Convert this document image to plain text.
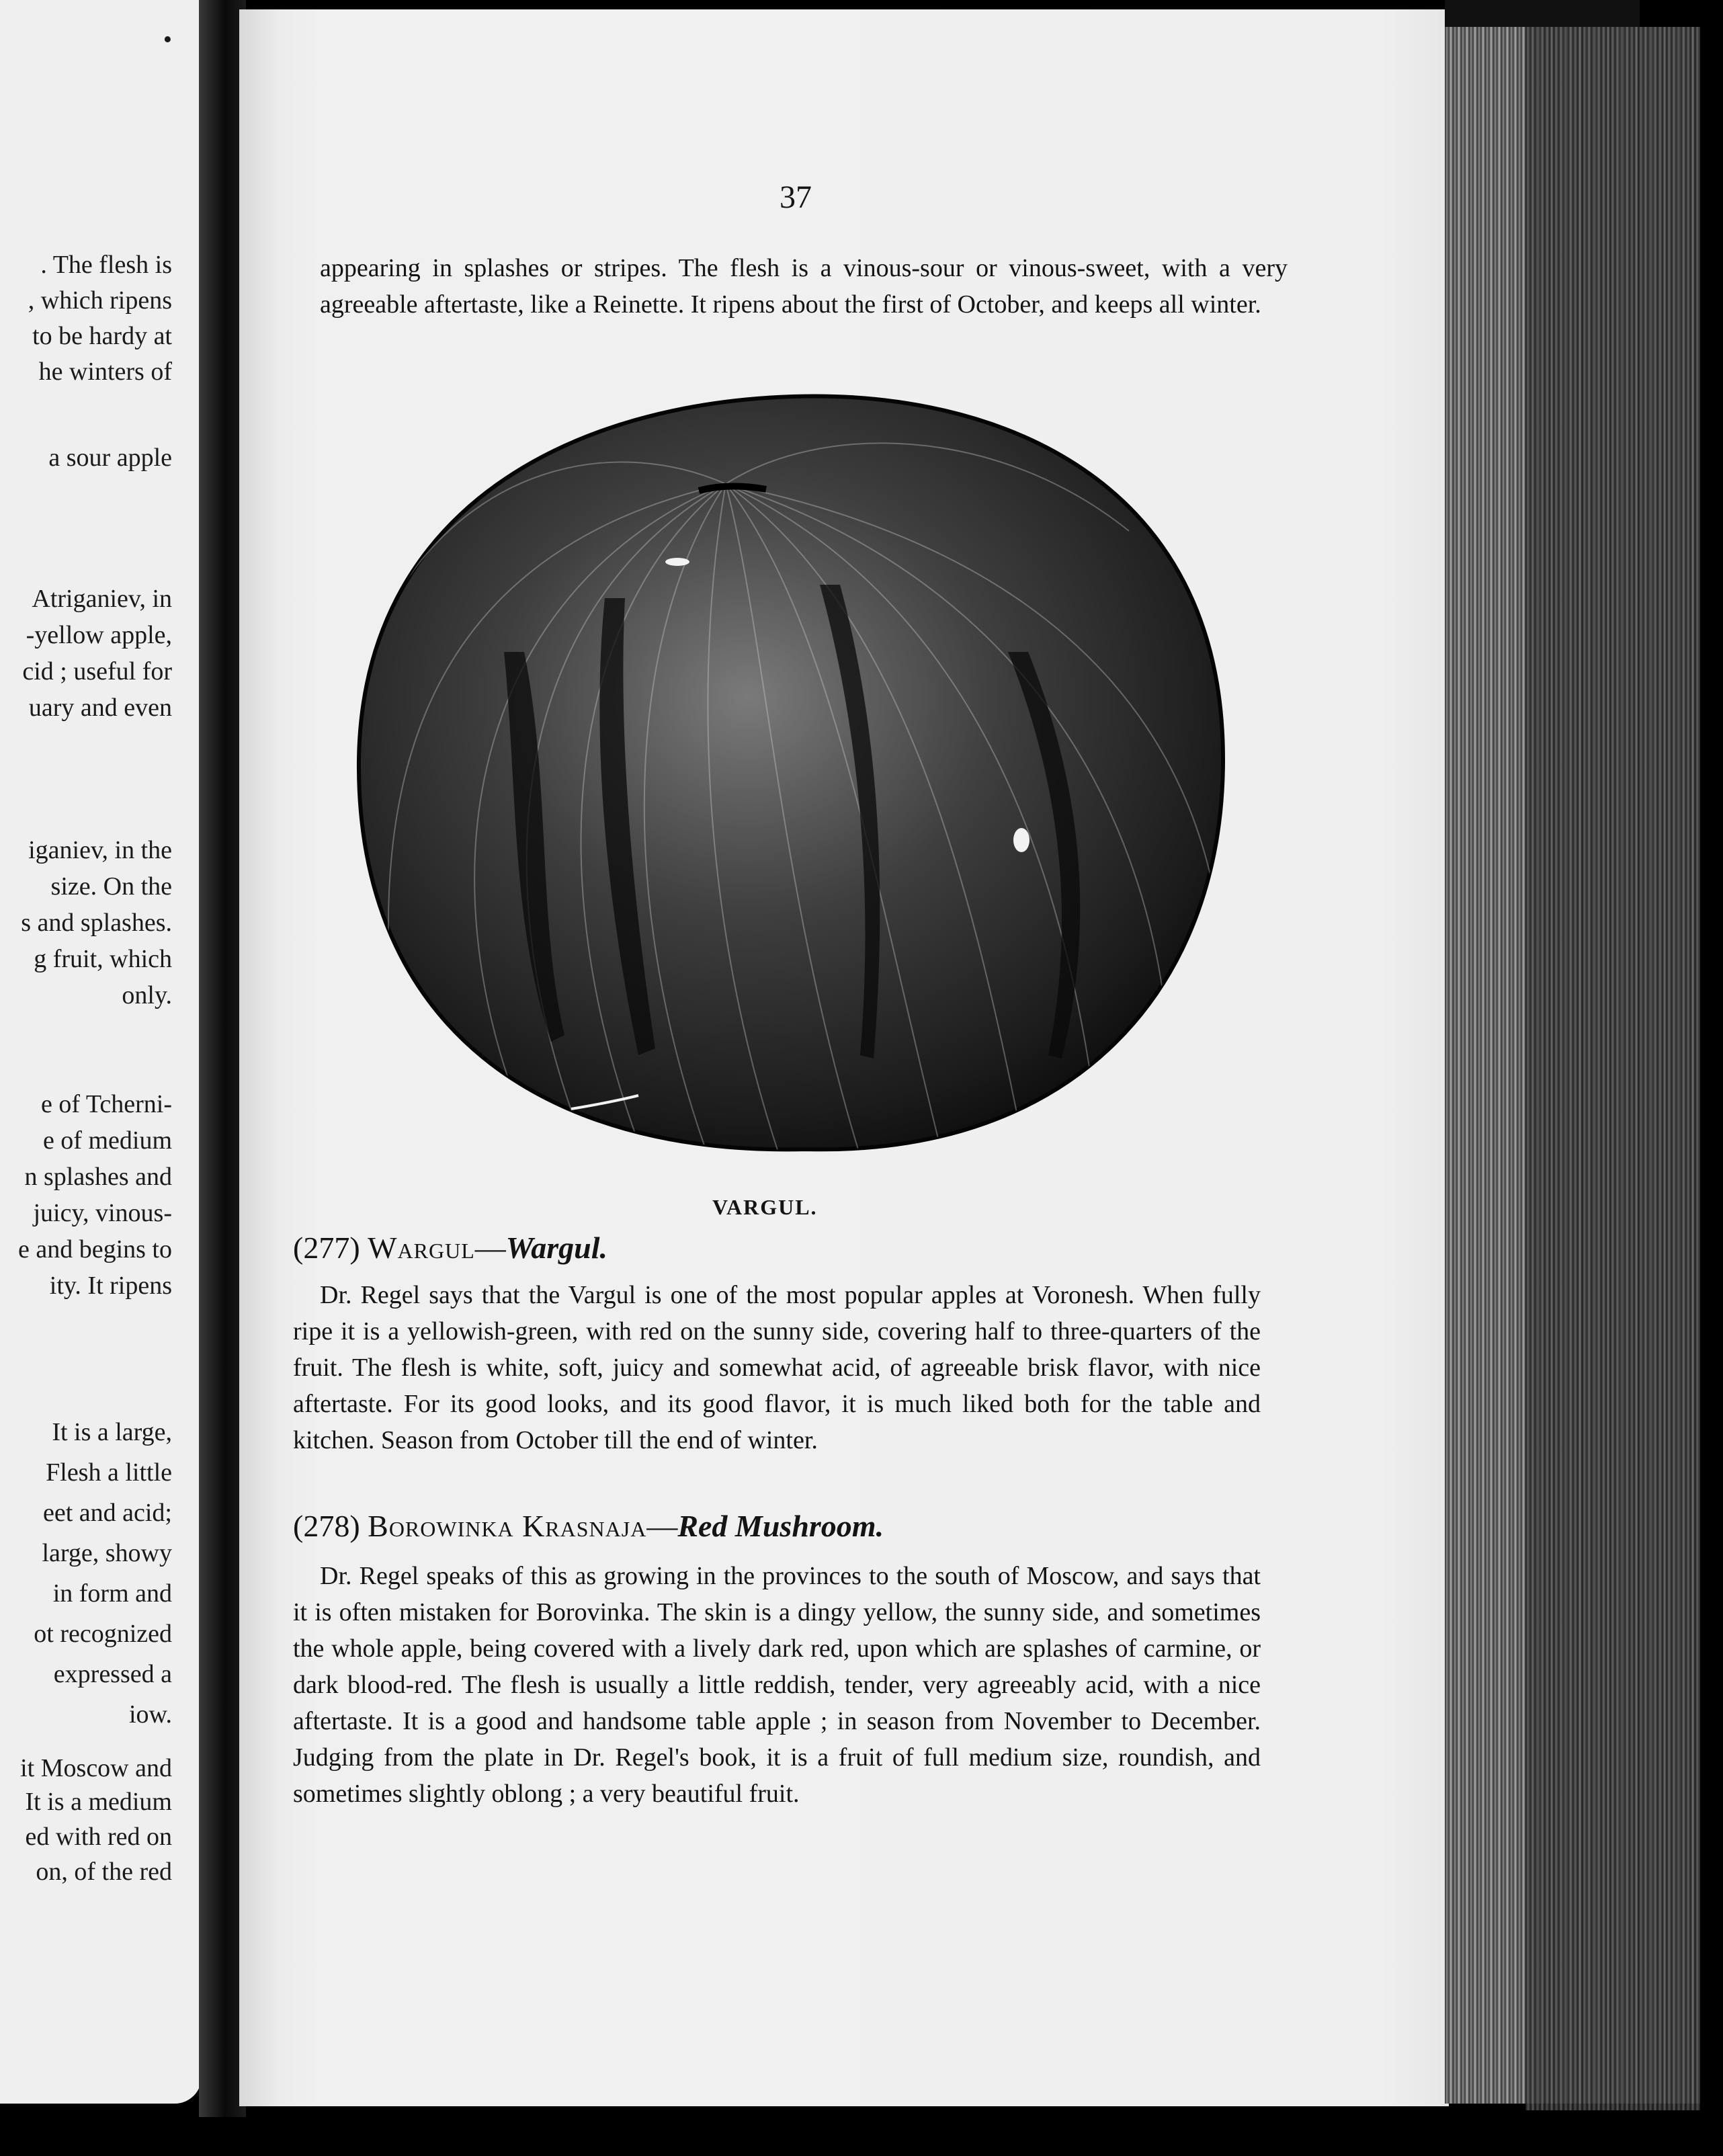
•
. The flesh is
, which ripens
to be hardy at
he winters of
a sour apple
Atriganiev, in
-yellow apple,
cid ; useful for
uary and even
iganiev, in the
size. On the
s and splashes.
g fruit, which
only.
e of Tcherni-
e of medium
n splashes and
juicy, vinous-
e and begins to
ity. It ripens
It is a large,
Flesh a little
eet and acid;
large, showy
in form and
ot recognized
expressed a
iow.
it Moscow and
It is a medium
ed with red on
on, of the red
37

appearing in splashes or stripes. The flesh is a vinous-sour or vinous-sweet, with a very agreeable aftertaste, like a Reinette. It ripens about the first of October, and keeps all winter.

VARGUL.
(277) Wargul—Wargul.

Dr. Regel says that the Vargul is one of the most popular apples at Voronesh. When fully ripe it is a yellowish-green, with red on the sunny side, covering half to three-quarters of the fruit. The flesh is white, soft, juicy and somewhat acid, of agreeable brisk flavor, with nice aftertaste. For its good looks, and its good flavor, it is much liked both for the table and kitchen. Season from October till the end of winter.

(278) Borowinka Krasnaja—Red Mushroom.

Dr. Regel speaks of this as growing in the provinces to the south of Moscow, and says that it is often mistaken for Borovinka. The skin is a dingy yellow, the sunny side, and sometimes the whole apple, being covered with a lively dark red, upon which are splashes of carmine, or dark blood-red. The flesh is usually a little reddish, tender, very agreeably acid, with a nice aftertaste. It is a good and handsome table apple ; in season from November to December. Judging from the plate in Dr. Regel's book, it is a fruit of full medium size, roundish, and sometimes slightly oblong ; a very beautiful fruit.
